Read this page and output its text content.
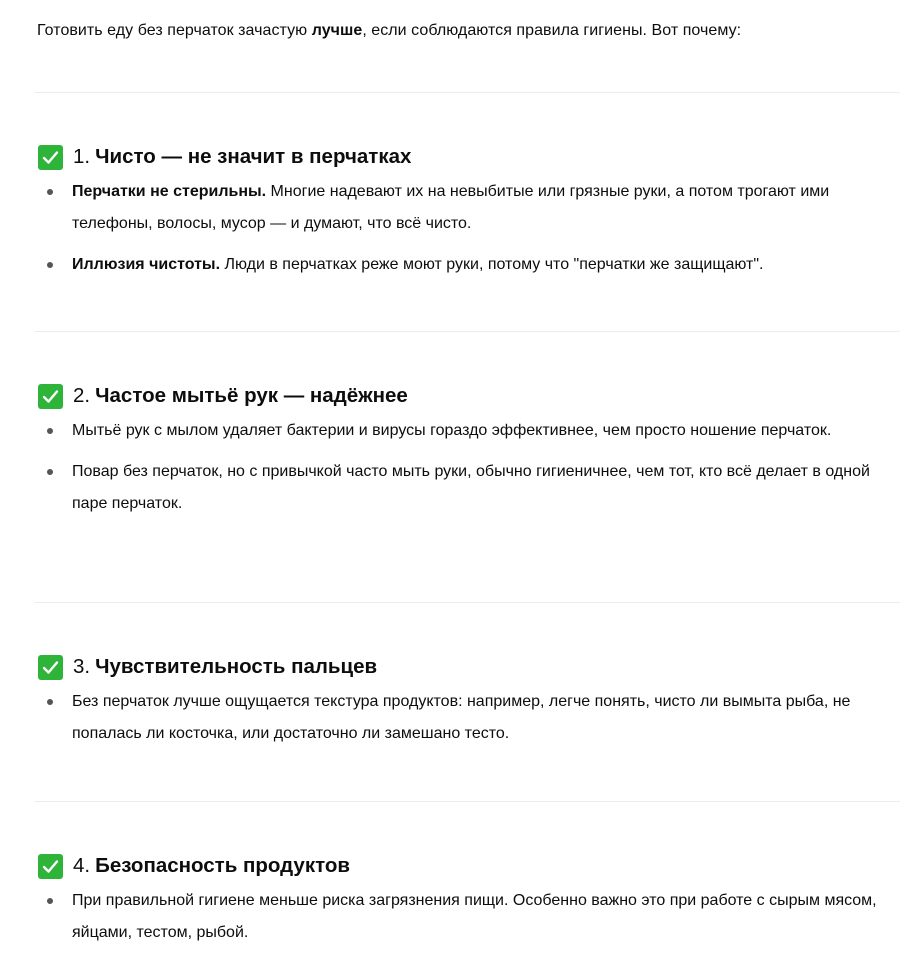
Готовить еду без перчаток зачастую лучше, если соблюдаются правила гигиены. Вот почему:

1. Чисто — не значит в перчатках
Перчатки не стерильны. Многие надевают их на невыбитые или грязные руки, а потом трогают ими телефоны, волосы, мусор — и думают, что всё чисто.
Иллюзия чистоты. Люди в перчатках реже моют руки, потому что "перчатки же защищают".
2. Частое мытьё рук — надёжнее
Мытьё рук с мылом удаляет бактерии и вирусы гораздо эффективнее, чем просто ношение перчаток.
Повар без перчаток, но с привычкой часто мыть руки, обычно гигиеничнее, чем тот, кто всё делает в одной паре перчаток.
3. Чувствительность пальцев
Без перчаток лучше ощущается текстура продуктов: например, легче понять, чисто ли вымыта рыба, не попалась ли косточка, или достаточно ли замешано тесто.
4. Безопасность продуктов
При правильной гигиене меньше риска загрязнения пищи. Особенно важно это при работе с сырым мясом, яйцами, тестом, рыбой.
